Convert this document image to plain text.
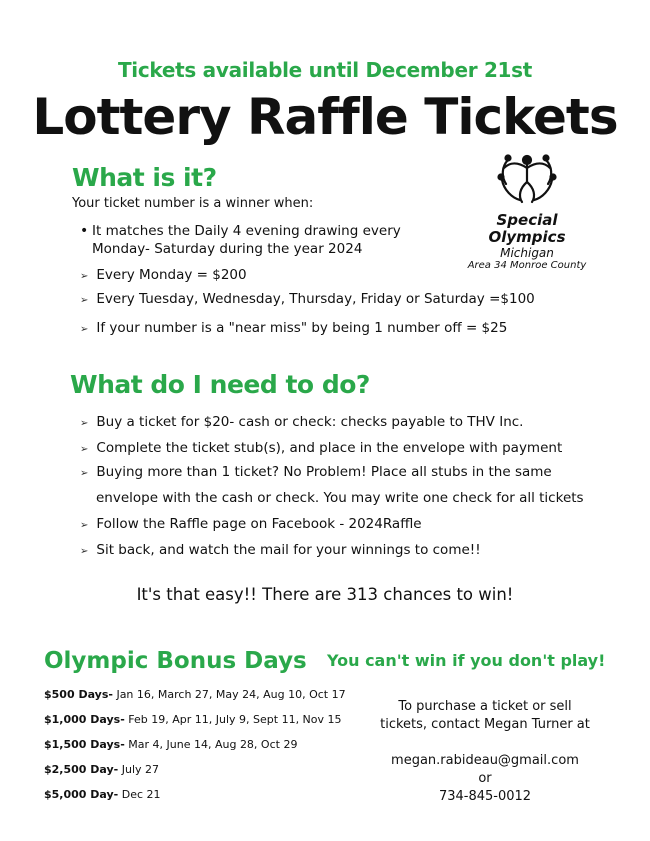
Tickets available until December 21st
Lottery Raffle Tickets
What is it?
Your ticket number is a winner when:
• It matches the Daily 4 evening drawing every
Monday- Saturday during the year 2024
➢ Every Monday = $200
➢ Every Tuesday, Wednesday, Thursday, Friday or Saturday =$100
➢ If your number is a "near miss" by being 1 number off = $25
Special
Olympics
Michigan
Area 34 Monroe County
What do I need to do?
➢ Buy a ticket for $20- cash or check: checks payable to THV Inc.
➢ Complete the ticket stub(s), and place in the envelope with payment
➢ Buying more than 1 ticket? No Problem! Place all stubs in the same
envelope with the cash or check. You may write one check for all tickets
➢ Follow the Raffle page on Facebook - 2024Raffle
➢ Sit back, and watch the mail for your winnings to come!!
It's that easy!! There are 313 chances to win!
Olympic Bonus Days You can't win if you don't play!
$500 Days- Jan 16, March 27, May 24, Aug 10, Oct 17
$1,000 Days- Feb 19, Apr 11, July 9, Sept 11, Nov 15
$1,500 Days- Mar 4, June 14, Aug 28, Oct 29
$2,500 Day- July 27
$5,000 Day- Dec 21
To purchase a ticket or sell
tickets, contact Megan Turner at
megan.rabideau@gmail.com
or
734-845-0012
